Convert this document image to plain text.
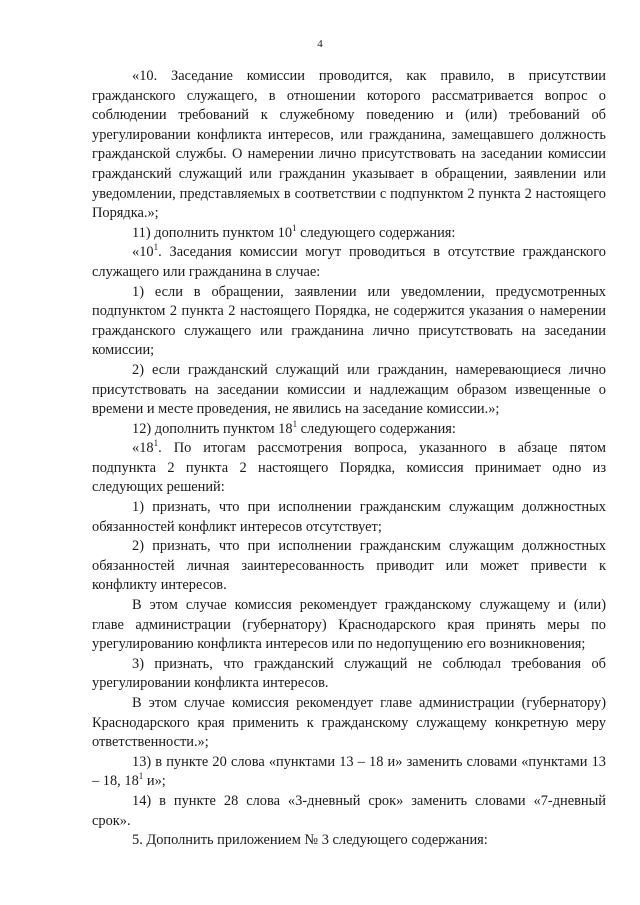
4

«10. Заседание комиссии проводится, как правило, в присутствии гражданского служащего, в отношении которого рассматривается вопрос о соблюдении требований к служебному поведению и (или) требований об урегулировании конфликта интересов, или гражданина, замещавшего должность гражданской службы. О намерении лично присутствовать на заседании комиссии гражданский служащий или гражданин указывает в обращении, заявлении или уведомлении, представляемых в соответствии с подпунктом 2 пункта 2 настоящего Порядка.»;

11) дополнить пунктом $10^1$ следующего содержания:

«$10^1$. Заседания комиссии могут проводиться в отсутствие гражданского служащего или гражданина в случае:

1) если в обращении, заявлении или уведомлении, предусмотренных подпунктом 2 пункта 2 настоящего Порядка, не содержится указания о намерении гражданского служащего или гражданина лично присутствовать на заседании комиссии;

2) если гражданский служащий или гражданин, намеревающиеся лично присутствовать на заседании комиссии и надлежащим образом извещенные о времени и месте проведения, не явились на заседание комиссии.»;

12) дополнить пунктом $18^1$ следующего содержания:

«$18^1$. По итогам рассмотрения вопроса, указанного в абзаце пятом подпункта 2 пункта 2 настоящего Порядка, комиссия принимает одно из следующих решений:

1) признать, что при исполнении гражданским служащим должностных обязанностей конфликт интересов отсутствует;

2) признать, что при исполнении гражданским служащим должностных обязанностей личная заинтересованность приводит или может привести к конфликту интересов.

В этом случае комиссия рекомендует гражданскому служащему и (или) главе администрации (губернатору) Краснодарского края принять меры по урегулированию конфликта интересов или по недопущению его возникновения;

3) признать, что гражданский служащий не соблюдал требования об урегулировании конфликта интересов.

В этом случае комиссия рекомендует главе администрации (губернатору) Краснодарского края применить к гражданскому служащему конкретную меру ответственности.»;

13) в пункте 20 слова «пунктами 13 – 18 и» заменить словами «пунктами 13 – 18, $18^1$ и»;

14) в пункте 28 слова «3-дневный срок» заменить словами «7-дневный срок».

5. Дополнить приложением № 3 следующего содержания:
